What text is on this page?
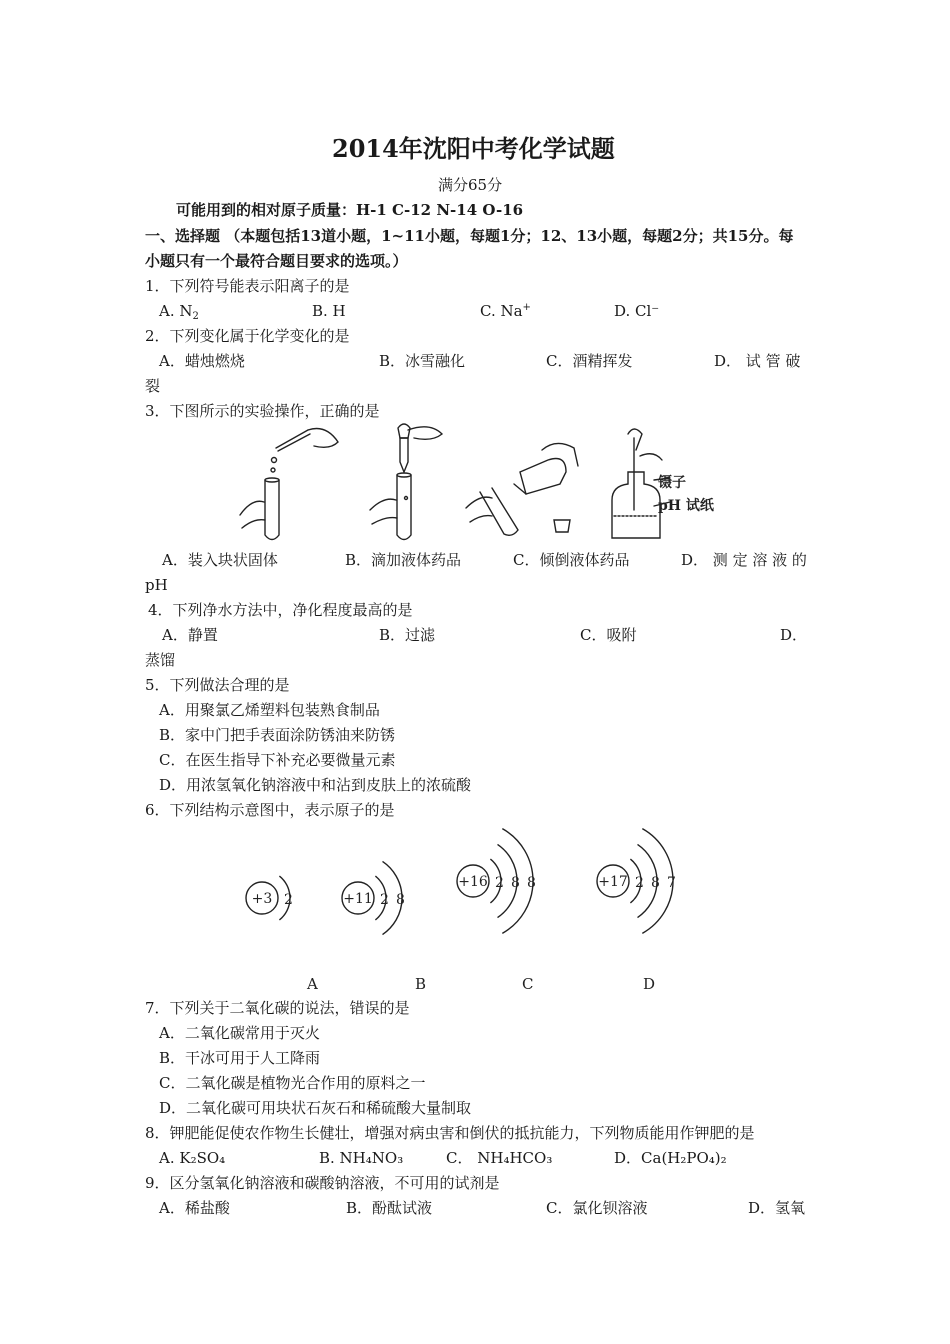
2014年沈阳中考化学试题
满分65分
可能用到的相对原子质量：H-1 C-12 N-14 O-16
一、选择题 （本题包括13道小题，1~11小题，每题1分；12、13小题，每题2分；共15分。每
小题只有一个最符合题目要求的选项。）
1．下列符号能表示阳离子的是
A. $N_2$	B. H	C. Na+	D. Cl⁻
2．下列变化属于化学变化的是
A．蜡烛燃烧	B．冰雪融化	C．酒精挥发	D． 试 管 破
裂
3．下图所示的实验操作，正确的是
镊子
pH 试纸
A．装入块状固体	B．滴加液体药品	C．倾倒液体药品	D． 测 定 溶 液 的
pH
4．下列净水方法中，净化程度最高的是
A．静置	B．过滤	C．吸附	D．
蒸馏
5．下列做法合理的是
A．用聚氯乙烯塑料包装熟食制品
B．家中门把手表面涂防锈油来防锈
C．在医生指导下补充必要微量元素
D．用浓氢氧化钠溶液中和沾到皮肤上的浓硫酸
6．下列结构示意图中，表示原子的是
+3 2
A
+11 2 8
B
+16 2 8 8
C
+17 2 8 7
D
7．下列关于二氧化碳的说法，错误的是
A．二氧化碳常用于灭火
B．干冰可用于人工降雨
C．二氧化碳是植物光合作用的原料之一
D．二氧化碳可用块状石灰石和稀硫酸大量制取
8．钾肥能促使农作物生长健壮，增强对病虫害和倒伏的抵抗能力，下列物质能用作钾肥的是
A. K₂SO₄	B. NH₄NO₃	C． NH₄HCO₃	D．Ca(H₂PO₄)₂
9．区分氢氧化钠溶液和碳酸钠溶液，不可用的试剂是
A．稀盐酸	B．酚酞试液	C．氯化钡溶液	D．氢氧
